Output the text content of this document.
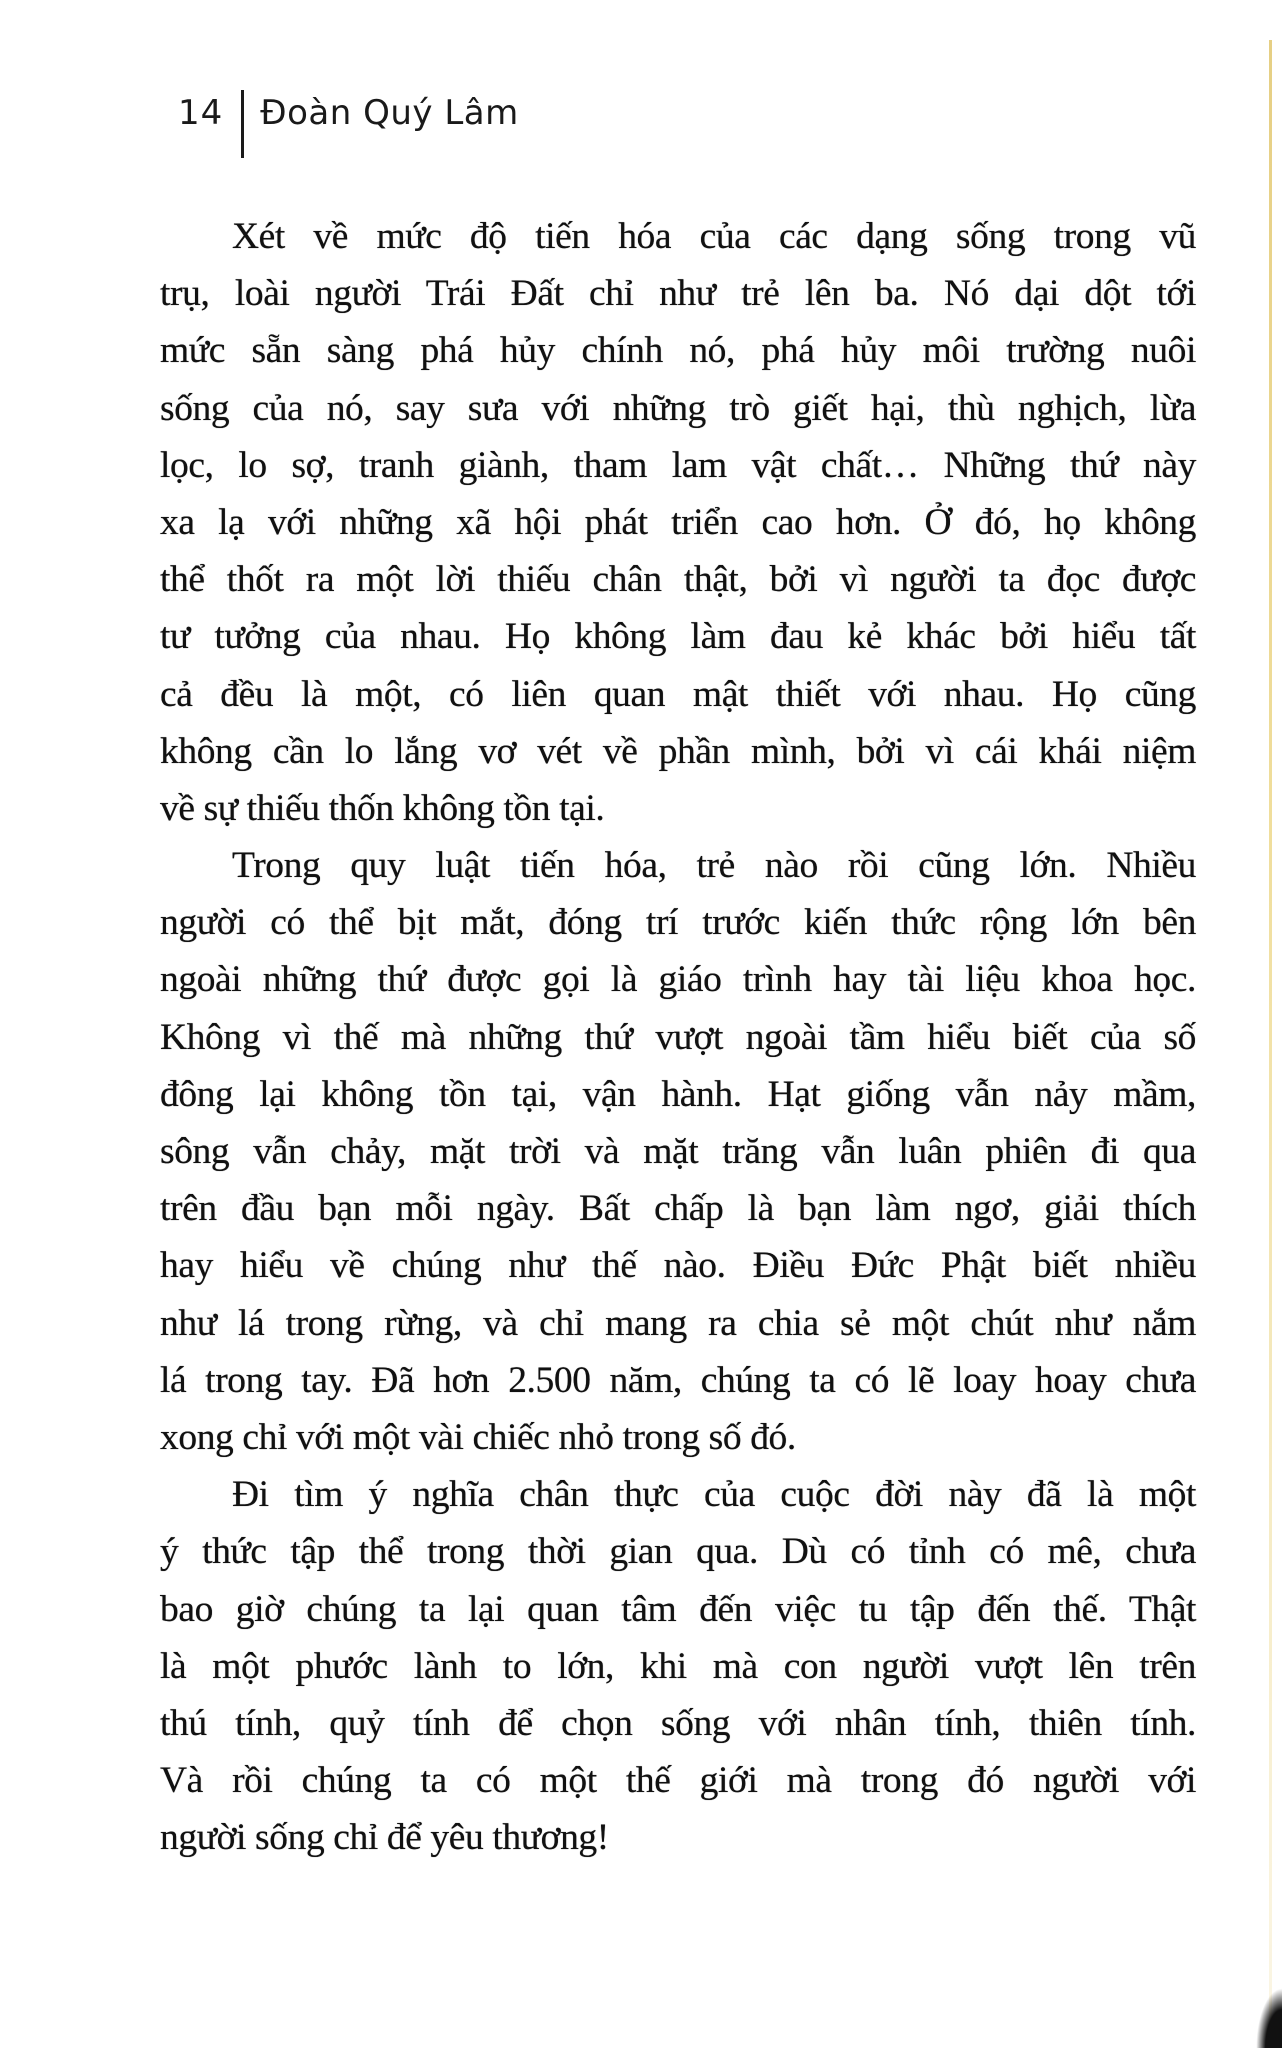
14	Đoàn Quý Lâm
Xét về mức độ tiến hóa của các dạng sống trong vũ
trụ, loài người Trái Đất chỉ như trẻ lên ba. Nó dại dột tới
mức sẵn sàng phá hủy chính nó, phá hủy môi trường nuôi
sống của nó, say sưa với những trò giết hại, thù nghịch, lừa
lọc, lo sợ, tranh giành, tham lam vật chất… Những thứ này
xa lạ với những xã hội phát triển cao hơn. Ở đó, họ không
thể thốt ra một lời thiếu chân thật, bởi vì người ta đọc được
tư tưởng của nhau. Họ không làm đau kẻ khác bởi hiểu tất
cả đều là một, có liên quan mật thiết với nhau. Họ cũng
không cần lo lắng vơ vét về phần mình, bởi vì cái khái niệm
về sự thiếu thốn không tồn tại.
Trong quy luật tiến hóa, trẻ nào rồi cũng lớn. Nhiều
người có thể bịt mắt, đóng trí trước kiến thức rộng lớn bên
ngoài những thứ được gọi là giáo trình hay tài liệu khoa học.
Không vì thế mà những thứ vượt ngoài tầm hiểu biết của số
đông lại không tồn tại, vận hành. Hạt giống vẫn nảy mầm,
sông vẫn chảy, mặt trời và mặt trăng vẫn luân phiên đi qua
trên đầu bạn mỗi ngày. Bất chấp là bạn làm ngơ, giải thích
hay hiểu về chúng như thế nào. Điều Đức Phật biết nhiều
như lá trong rừng, và chỉ mang ra chia sẻ một chút như nắm
lá trong tay. Đã hơn 2.500 năm, chúng ta có lẽ loay hoay chưa
xong chỉ với một vài chiếc nhỏ trong số đó.
Đi tìm ý nghĩa chân thực của cuộc đời này đã là một
ý thức tập thể trong thời gian qua. Dù có tỉnh có mê, chưa
bao giờ chúng ta lại quan tâm đến việc tu tập đến thế. Thật
là một phước lành to lớn, khi mà con người vượt lên trên
thú tính, quỷ tính để chọn sống với nhân tính, thiên tính.
Và rồi chúng ta có một thế giới mà trong đó người với
người sống chỉ để yêu thương!
